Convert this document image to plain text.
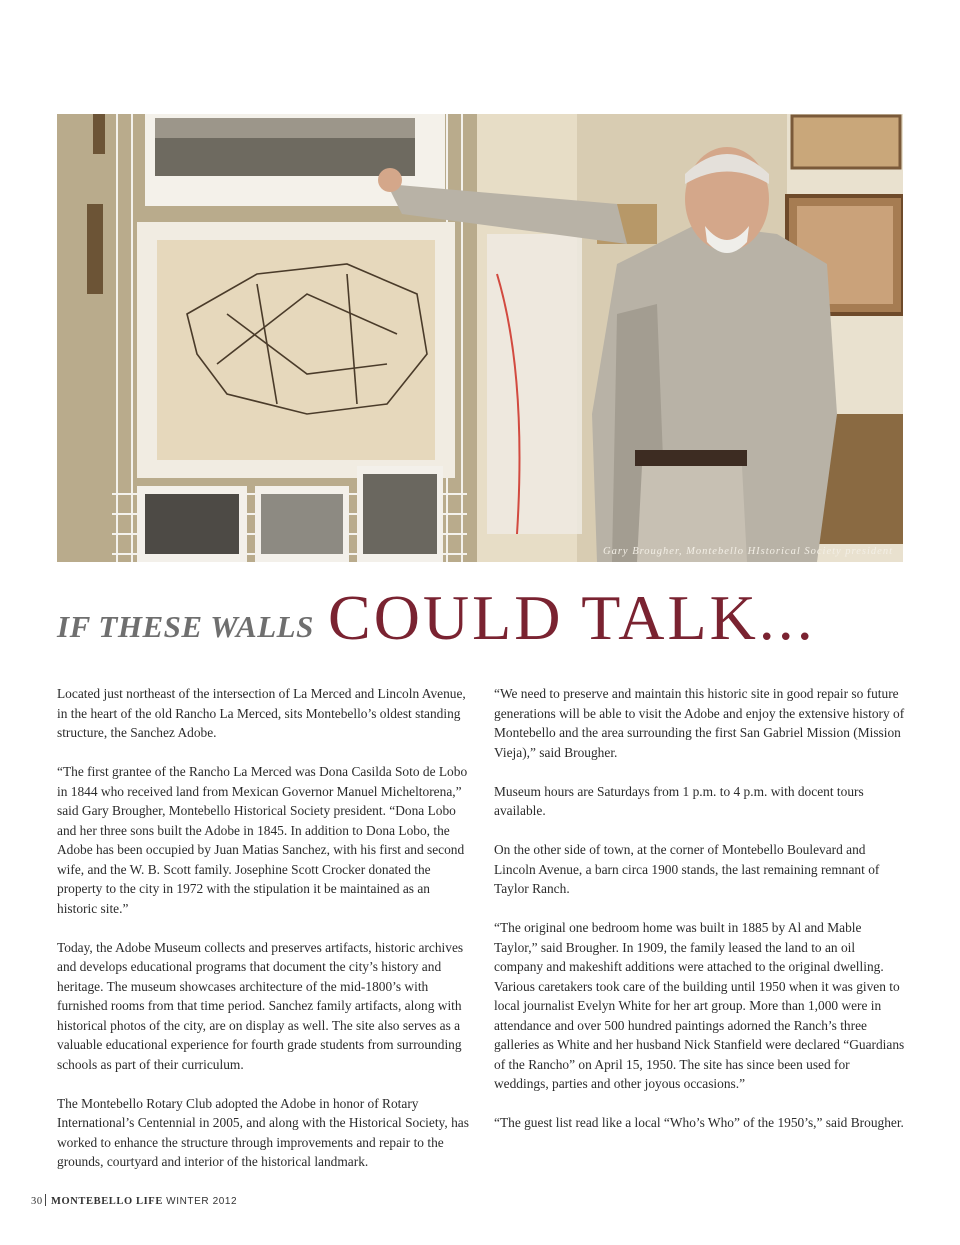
Gary Brougher, Montebello HIstorical Society president
IF THESE WALLS COULD TALK...

Located just northeast of the intersection of La Merced and Lincoln Avenue, in the heart of the old Rancho La Merced, sits Montebello’s oldest standing structure, the Sanchez Adobe.

“The first grantee of the Rancho La Merced was Dona Casilda Soto de Lobo in 1844 who received land from Mexican Governor Manuel Micheltorena,” said Gary Brougher, Montebello Historical Society president. “Dona Lobo and her three sons built the Adobe in 1845. In addition to Dona Lobo, the Adobe has been occupied by Juan Matias Sanchez, with his first and second wife, and the W. B. Scott family. Josephine Scott Crocker donated the property to the city in 1972 with the stipulation it be maintained as an historic site.”

Today, the Adobe Museum collects and preserves artifacts, historic archives and develops educational programs that document the city’s history and heritage. The museum showcases architecture of the mid-1800’s with furnished rooms from that time period. Sanchez family artifacts, along with historical photos of the city, are on display as well. The site also serves as a valuable educational experience for fourth grade students from surrounding schools as part of their curriculum.

The Montebello Rotary Club adopted the Adobe in honor of Rotary International’s Centennial in 2005, and along with the Historical Society, has worked to enhance the structure through improvements and repair to the grounds, courtyard and interior of the historical landmark.

“We need to preserve and maintain this historic site in good repair so future generations will be able to visit the Adobe and enjoy the extensive history of Montebello and the area surrounding the first San Gabriel Mission (Mission Vieja),” said Brougher.

Museum hours are Saturdays from 1 p.m. to 4 p.m. with docent tours available.

On the other side of town, at the corner of Montebello Boulevard and Lincoln Avenue, a barn circa 1900 stands, the last remaining remnant of Taylor Ranch.

“The original one bedroom home was built in 1885 by Al and Mable Taylor,” said Brougher. In 1909, the family leased the land to an oil company and makeshift additions were attached to the original dwelling. Various caretakers took care of the building until 1950 when it was given to local journalist Evelyn White for her art group. More than 1,000 were in attendance and over 500 hundred paintings adorned the Ranch’s three galleries as White and her husband Nick Stanfield were declared “Guardians of the Rancho” on April 15, 1950. The site has since been used for weddings, parties and other joyous occasions.”

“The guest list read like a local “Who’s Who” of the 1950’s,” said Brougher.

30 MONTEBELLO LIFE WINTER 2012
